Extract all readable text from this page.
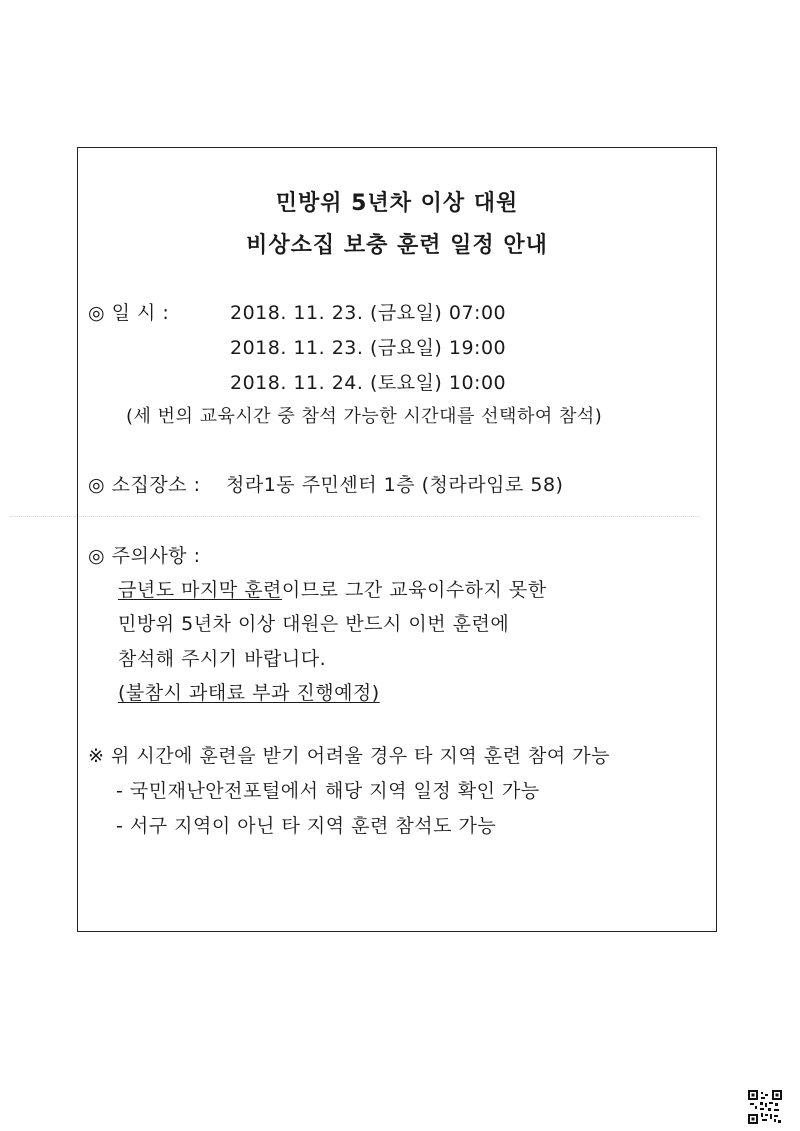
민방위 5년차 이상 대원
비상소집 보충 훈련 일정 안내
◎ 일 시 :	2018. 11. 23. (금요일) 07:00
2018. 11. 23. (금요일) 19:00
2018. 11. 24. (토요일) 10:00
(세 번의 교육시간 중 참석 가능한 시간대를 선택하여 참석)
◎ 소집장소 : 청라1동 주민센터 1층 (청라라임로 58)
◎ 주의사항 :
금년도 마지막 훈련이므로 그간 교육이수하지 못한
민방위 5년차 이상 대원은 반드시 이번 훈련에
참석해 주시기 바랍니다.
(불참시 과태료 부과 진행예정)
※ 위 시간에 훈련을 받기 어려울 경우 타 지역 훈련 참여 가능
- 국민재난안전포털에서 해당 지역 일정 확인 가능
- 서구 지역이 아닌 타 지역 훈련 참석도 가능
